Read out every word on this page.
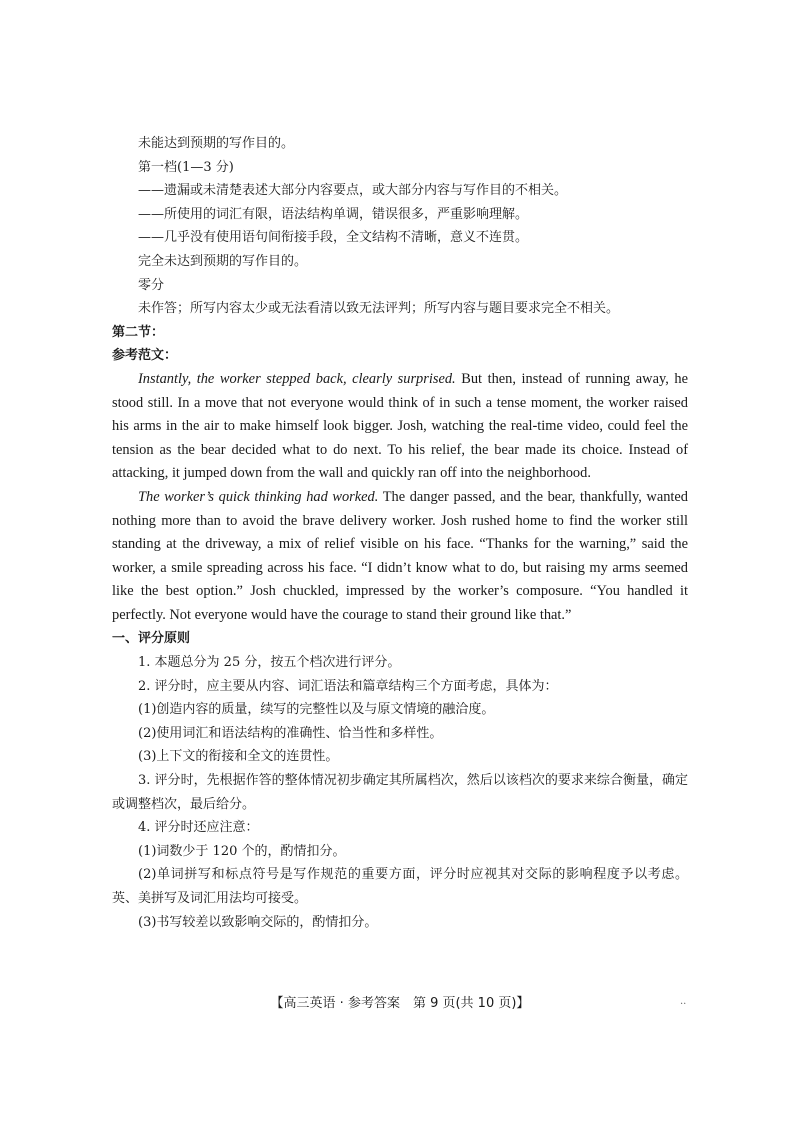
未能达到预期的写作目的。

第一档(1—3 分)

——遗漏或未清楚表述大部分内容要点，或大部分内容与写作目的不相关。

——所使用的词汇有限，语法结构单调，错误很多，严重影响理解。

——几乎没有使用语句间衔接手段，全文结构不清晰，意义不连贯。

完全未达到预期的写作目的。

零分

未作答；所写内容太少或无法看清以致无法评判；所写内容与题目要求完全不相关。

第二节：

参考范文：

Instantly, the worker stepped back, clearly surprised. But then, instead of running away, he stood still. In a move that not everyone would think of in such a tense moment, the worker raised his arms in the air to make himself look bigger. Josh, watching the real-time video, could feel the tension as the bear decided what to do next. To his relief, the bear made its choice. Instead of attacking, it jumped down from the wall and quickly ran off into the neighborhood.

The worker’s quick thinking had worked. The danger passed, and the bear, thankfully, wanted nothing more than to avoid the brave delivery worker. Josh rushed home to find the worker still standing at the driveway, a mix of relief visible on his face. “Thanks for the warning,” said the worker, a smile spreading across his face. “I didn’t know what to do, but raising my arms seemed like the best option.” Josh chuckled, impressed by the worker’s composure. “You handled it perfectly. Not everyone would have the courage to stand their ground like that.”

一、评分原则

1. 本题总分为 25 分，按五个档次进行评分。

2. 评分时，应主要从内容、词汇语法和篇章结构三个方面考虑，具体为：

(1)创造内容的质量，续写的完整性以及与原文情境的融洽度。

(2)使用词汇和语法结构的准确性、恰当性和多样性。

(3)上下文的衔接和全文的连贯性。

3. 评分时，先根据作答的整体情况初步确定其所属档次，然后以该档次的要求来综合衡量，确定或调整档次，最后给分。

4. 评分时还应注意：

(1)词数少于 120 个的，酌情扣分。

(2)单词拼写和标点符号是写作规范的重要方面，评分时应视其对交际的影响程度予以考虑。英、美拼写及词汇用法均可接受。

(3)书写较差以致影响交际的，酌情扣分。

【高三英语 · 参考答案　第 9 页(共 10 页)】	..
